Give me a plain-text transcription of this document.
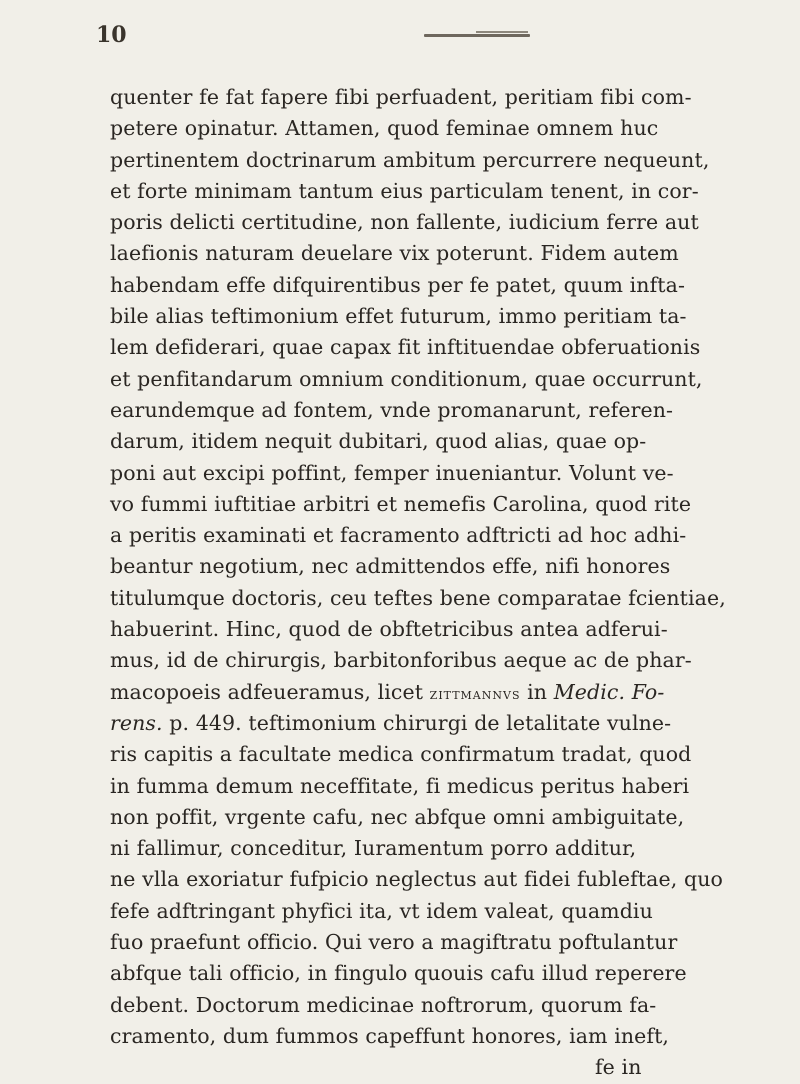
10
quenter fe fat fapere fibi perfuadent, peritiam fibi com-
petere opinatur. Attamen, quod feminae omnem huc
pertinentem doctrinarum ambitum percurrere nequeunt,
et forte minimam tantum eius particulam tenent, in cor-
poris delicti certitudine, non fallente, iudicium ferre aut
laefionis naturam deuelare vix poterunt. Fidem autem
habendam effe difquirentibus per fe patet, quum infta-
bile alias teftimonium effet futurum, immo peritiam ta-
lem defiderari, quae capax fit inftituendae obferuationis
et penfitandarum omnium conditionum, quae occurrunt,
earundemque ad fontem, vnde promanarunt, referen-
darum, itidem nequit dubitari, quod alias, quae op-
poni aut excipi poffint, femper inueniantur. Volunt ve-
vo fummi iuftitiae arbitri et nemefis Carolina, quod rite
a peritis examinati et facramento adftricti ad hoc adhi-
beantur negotium, nec admittendos effe, nifi honores
titulumque doctoris, ceu teftes bene comparatae fcientiae,
habuerint. Hinc, quod de obftetricibus antea adferui-
mus, id de chirurgis, barbitonforibus aeque ac de phar-
macopoeis adfeueramus, licet zittmannvs in Medic. Fo-
rens. p. 449. teftimonium chirurgi de letalitate vulne-
ris capitis a facultate medica confirmatum tradat, quod
in fumma demum neceffitate, fi medicus peritus haberi
non poffit, vrgente cafu, nec abfque omni ambiguitate,
ni fallimur, conceditur, Iuramentum porro additur,
ne vlla exoriatur fufpicio neglectus aut fidei fubleftae, quo
fefe adftringant phyfici ita, vt idem valeat, quamdiu
fuo praefunt officio. Qui vero a magiftratu poftulantur
abfque tali officio, in fingulo quouis cafu illud reperere
debent. Doctorum medicinae noftrorum, quorum fa-
cramento, dum fummos capeffunt honores, iam ineft,
fe in
